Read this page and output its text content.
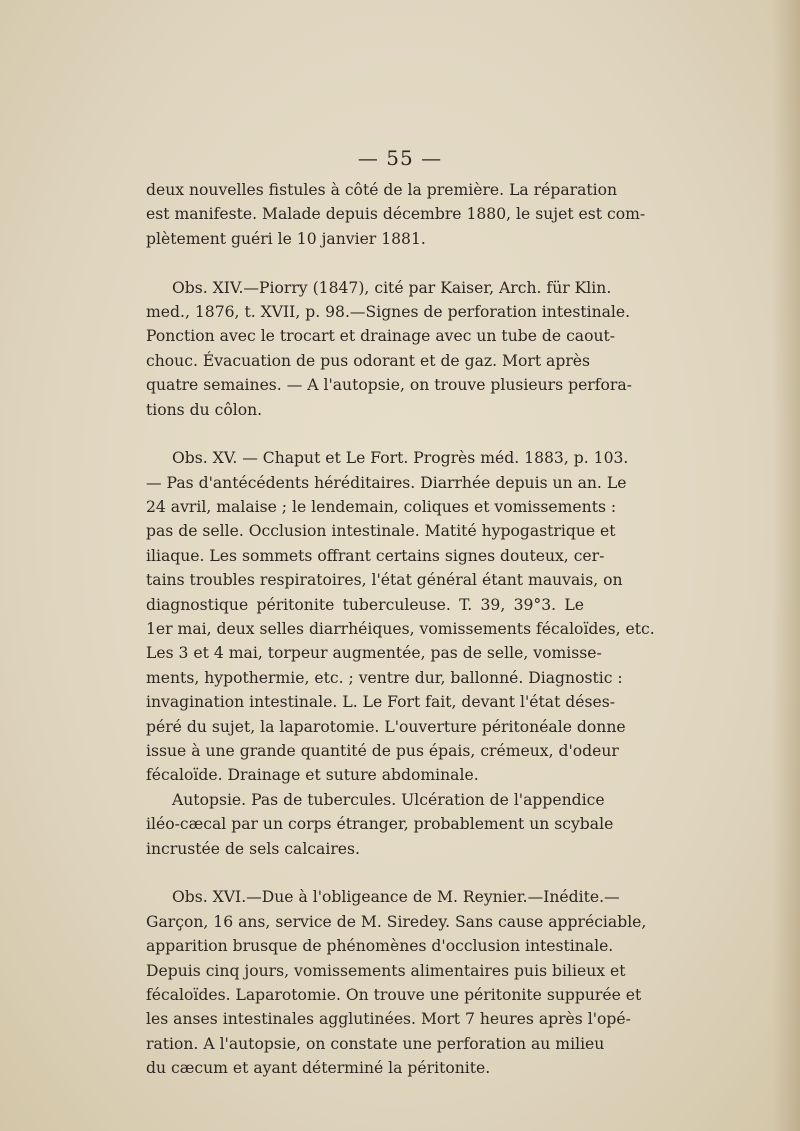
— 55 —
deux nouvelles fistules à côté de la première. La réparation
est manifeste. Malade depuis décembre 1880, le sujet est com-
plètement guéri le 10 janvier 1881.
Obs. XIV.—Piorry (1847), cité par Kaiser, Arch. für Klin.
med., 1876, t. XVII, p. 98.—Signes de perforation intestinale.
Ponction avec le trocart et drainage avec un tube de caout-
chouc. Évacuation de pus odorant et de gaz. Mort après
quatre semaines. — A l'autopsie, on trouve plusieurs perfora-
tions du côlon.
Obs. XV. — Chaput et Le Fort. Progrès méd. 1883, p. 103.
— Pas d'antécédents héréditaires. Diarrhée depuis un an. Le
24 avril, malaise ; le lendemain, coliques et vomissements :
pas de selle. Occlusion intestinale. Matité hypogastrique et
iliaque. Les sommets offrant certains signes douteux, cer-
tains troubles respiratoires, l'état général étant mauvais, on
diagnostique péritonite tuberculeuse. T. 39, 39°3. Le
1er mai, deux selles diarrhéiques, vomissements fécaloïdes, etc.
Les 3 et 4 mai, torpeur augmentée, pas de selle, vomisse-
ments, hypothermie, etc. ; ventre dur, ballonné. Diagnostic :
invagination intestinale. L. Le Fort fait, devant l'état déses-
péré du sujet, la laparotomie. L'ouverture péritonéale donne
issue à une grande quantité de pus épais, crémeux, d'odeur
fécaloïde. Drainage et suture abdominale.
Autopsie. Pas de tubercules. Ulcération de l'appendice
iléo-cæcal par un corps étranger, probablement un scybale
incrustée de sels calcaires.
Obs. XVI.—Due à l'obligeance de M. Reynier.—Inédite.—
Garçon, 16 ans, service de M. Siredey. Sans cause appréciable,
apparition brusque de phénomènes d'occlusion intestinale.
Depuis cinq jours, vomissements alimentaires puis bilieux et
fécaloïdes. Laparotomie. On trouve une péritonite suppurée et
les anses intestinales agglutinées. Mort 7 heures après l'opé-
ration. A l'autopsie, on constate une perforation au milieu
du cæcum et ayant déterminé la péritonite.
